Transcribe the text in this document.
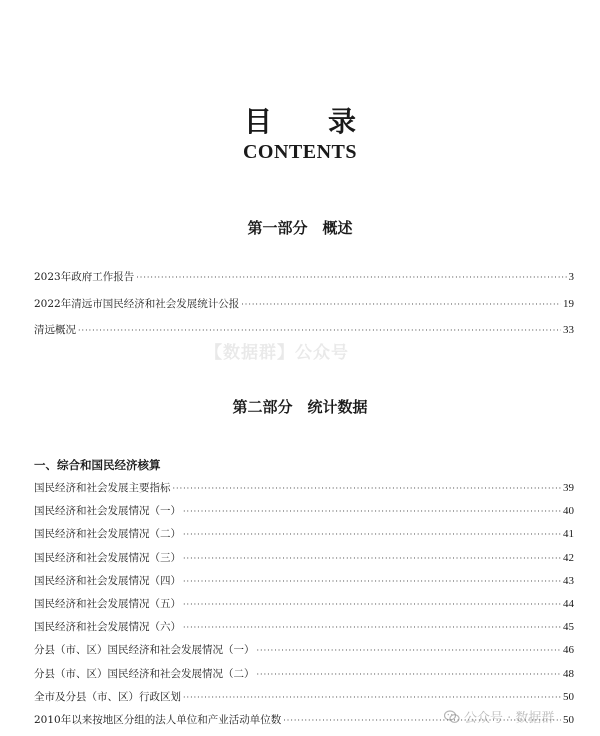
目　　录
CONTENTS
第一部分　概述
2023年政府工作报告 ·····	3
2022年清远市国民经济和社会发展统计公报 ·····	19
清远概况 ·····	33
【数据群】公众号
第二部分　统计数据
一、综合和国民经济核算
国民经济和社会发展主要指标 ·····	39
国民经济和社会发展情况（一） ·····	40
国民经济和社会发展情况（二） ·····	41
国民经济和社会发展情况（三） ·····	42
国民经济和社会发展情况（四） ·····	43
国民经济和社会发展情况（五） ·····	44
国民经济和社会发展情况（六） ·····	45
分县（市、区）国民经济和社会发展情况（一） ·····	46
分县（市、区）国民经济和社会发展情况（二） ·····	48
全市及分县（市、区）行政区划 ·····	50
2010年以来按地区分组的法人单位和产业活动单位数 ·····	50
公众号 · 数据群
